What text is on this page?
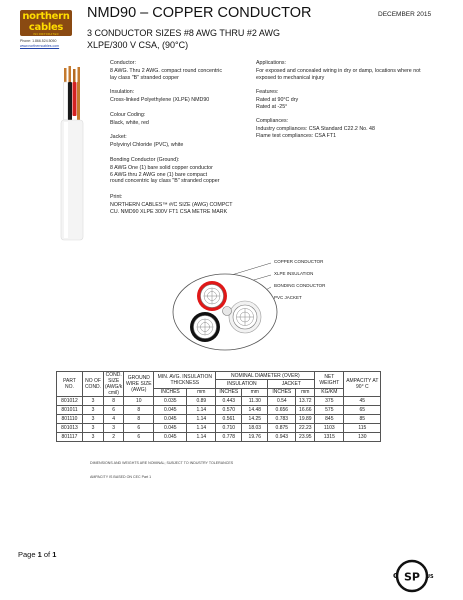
northern
cables
INCORPORATED
Phone: 1.866.524.5050
www.northerncables.com
NMD90 – COPPER CONDUCTOR
3 CONDUCTOR SIZES #8 AWG THRU #2 AWG
XLPE/300 V CSA, (90°C)
DECEMBER 2015
Conductor:
8 AWG. Thru 2 AWG. compact round concentric
lay class "B" stranded copper
Insulation:
Cross-linked Polyethylene (XLPE) NMD90
Colour Coding:
Black, white, red
Jacket:
Polyvinyl Chloride (PVC), white
Bonding Conductor (Ground):
8 AWG One (1) bare solid copper conductor
6 AWG thru 2 AWG one (1) bare compact
round concentric lay class "B" stranded copper
Print:
NORTHERN CABLES™ #/C SIZE (AWG) COMPCT
CU. NMD90 XLPE 300V FT1 CSA METRE MARK
Applications:
For exposed and concealed wiring in dry or damp, locations where not
exposed to mechanical injury
Features:
Rated at 90°C dry
Rated at -25°
Compliances:
Industry compliances: CSA Standard C22.2 No. 48
Flame test compliances: CSA FT1
COPPER CONDUCTOR
XLPE INSULATION
BONDING CONDUCTOR
PVC JACKET
PART NO.	NO OF COND.	COND. SIZE (AWG/k cmil)	GROUND WIRE SIZE (AWG)	MIN. AVG. INSULATION THICKNESS		NOMINAL DIAMETER (OVER)				NET WEIGHT	AMPACITY AT 90° C
						INSULATION		JACKET			
				INCHES	mm	INCHES	mm	INCHES	mm	KG/KM	
801012	3	8	10	0.035	0.89	0.443	11.30	0.54	13.72	375	45
801011	3	6	8	0.045	1.14	0.570	14.48	0.656	16.66	575	65
801110	3	4	8	0.045	1.14	0.561	14.25	0.783	19.89	845	85
801013	3	3	6	0.045	1.14	0.710	18.03	0.875	22.23	1103	115
801117	3	2	6	0.045	1.14	0.778	19.76	0.943	23.95	1315	130
DIMENSIONS AND WEIGHTS ARE NOMINAL; SUBJECT TO INDUSTRY TOLERANCES
AMPACITY IS BASED ON CEC Part 1
Page 1 of 1
SP
C	US
